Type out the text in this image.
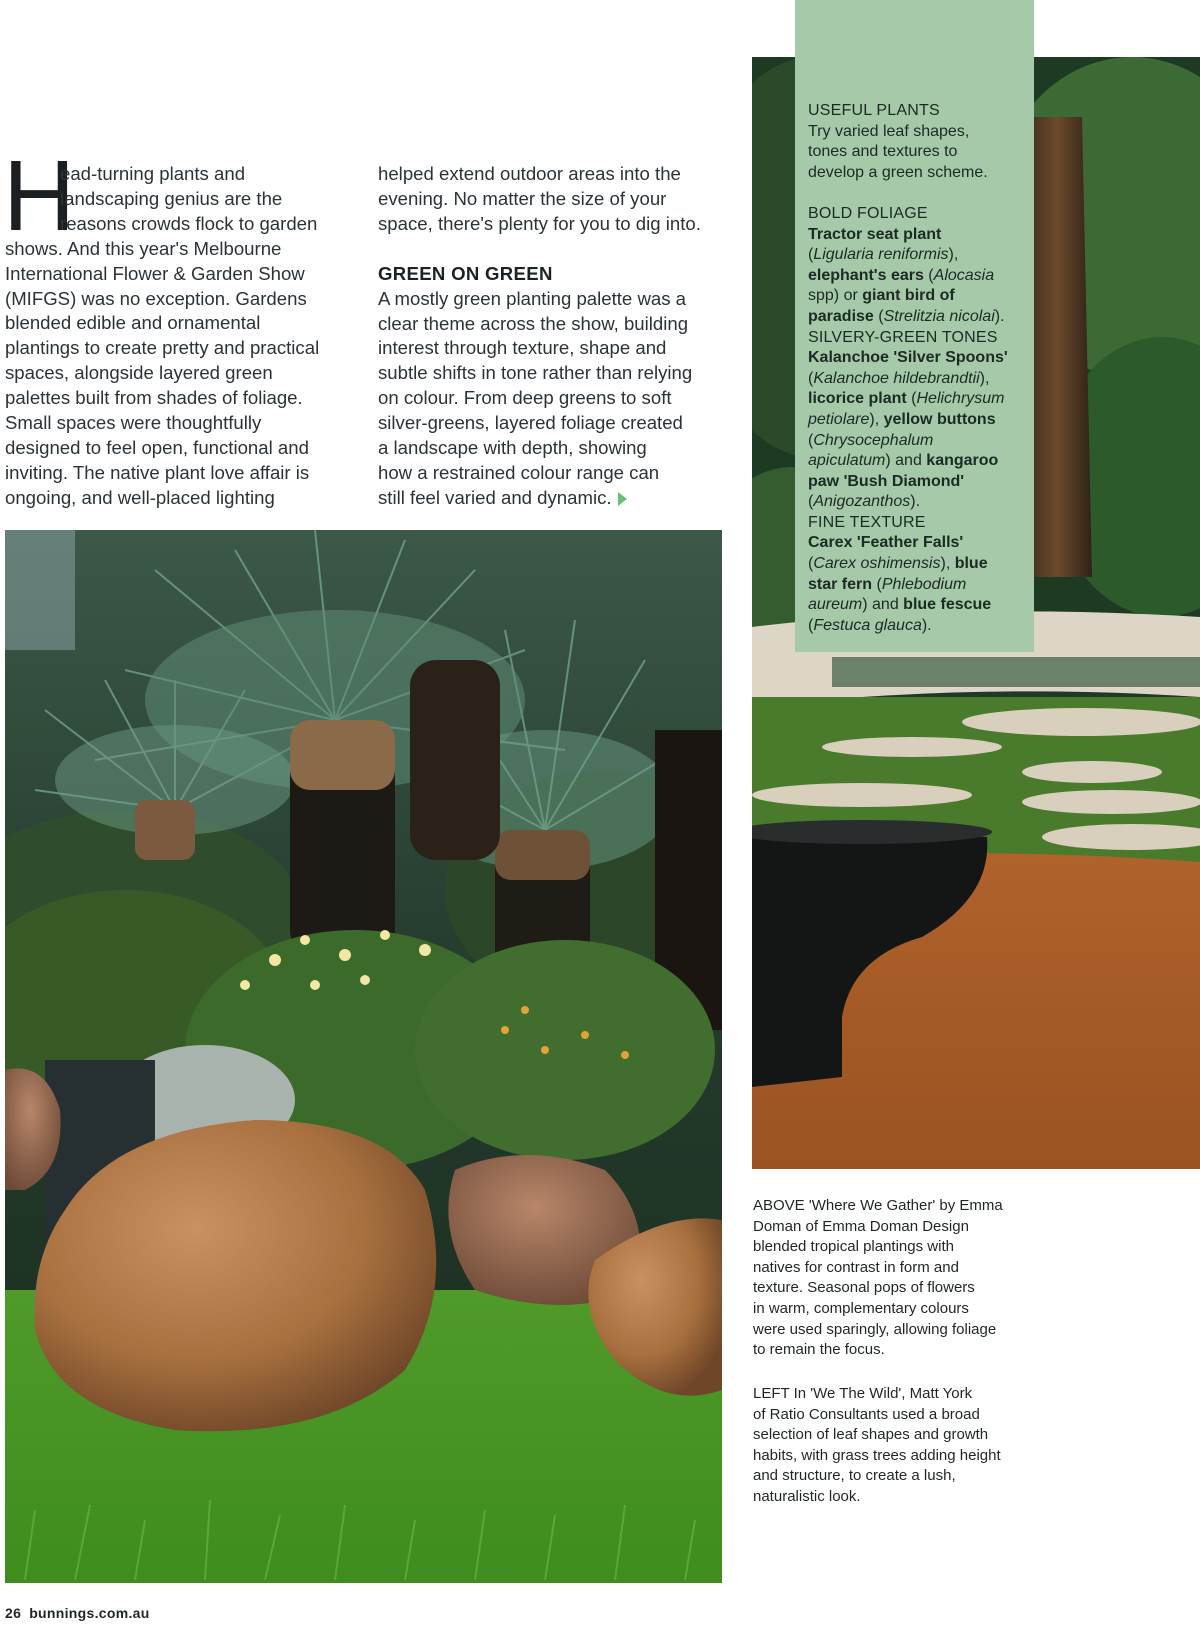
H
ead-turning plants and
landscaping genius are the
reasons crowds flock to garden
shows. And this year's Melbourne
International Flower & Garden Show
(MIFGS) was no exception. Gardens
blended edible and ornamental
plantings to create pretty and practical
spaces, alongside layered green
palettes built from shades of foliage.
Small spaces were thoughtfully
designed to feel open, functional and
inviting. The native plant love affair is
ongoing, and well-placed lighting
helped extend outdoor areas into the
evening. No matter the size of your
space, there's plenty for you to dig into.
GREEN ON GREEN
A mostly green planting palette was a
clear theme across the show, building
interest through texture, shape and
subtle shifts in tone rather than relying
on colour. From deep greens to soft
silver-greens, layered foliage created
a landscape with depth, showing
how a restrained colour range can
still feel varied and dynamic.
USEFUL PLANTS
Try varied leaf shapes,
tones and textures to
develop a green scheme.
BOLD FOLIAGE
Tractor seat plant
(Ligularia reniformis),
elephant's ears (Alocasia
spp) or giant bird of
paradise (Strelitzia nicolai).
SILVERY-GREEN TONES
Kalanchoe 'Silver Spoons'
(Kalanchoe hildebrandtii),
licorice plant (Helichrysum
petiolare), yellow buttons
(Chrysocephalum
apiculatum) and kangaroo
paw 'Bush Diamond'
(Anigozanthos).
FINE TEXTURE
Carex 'Feather Falls'
(Carex oshimensis), blue
star fern (Phlebodium
aureum) and blue fescue
(Festuca glauca).
ABOVE 'Where We Gather' by Emma
Doman of Emma Doman Design
blended tropical plantings with
natives for contrast in form and
texture. Seasonal pops of flowers
in warm, complementary colours
were used sparingly, allowing foliage
to remain the focus.
LEFT In 'We The Wild', Matt York
of Ratio Consultants used a broad
selection of leaf shapes and growth
habits, with grass trees adding height
and structure, to create a lush,
naturalistic look.
26 bunnings.com.au
